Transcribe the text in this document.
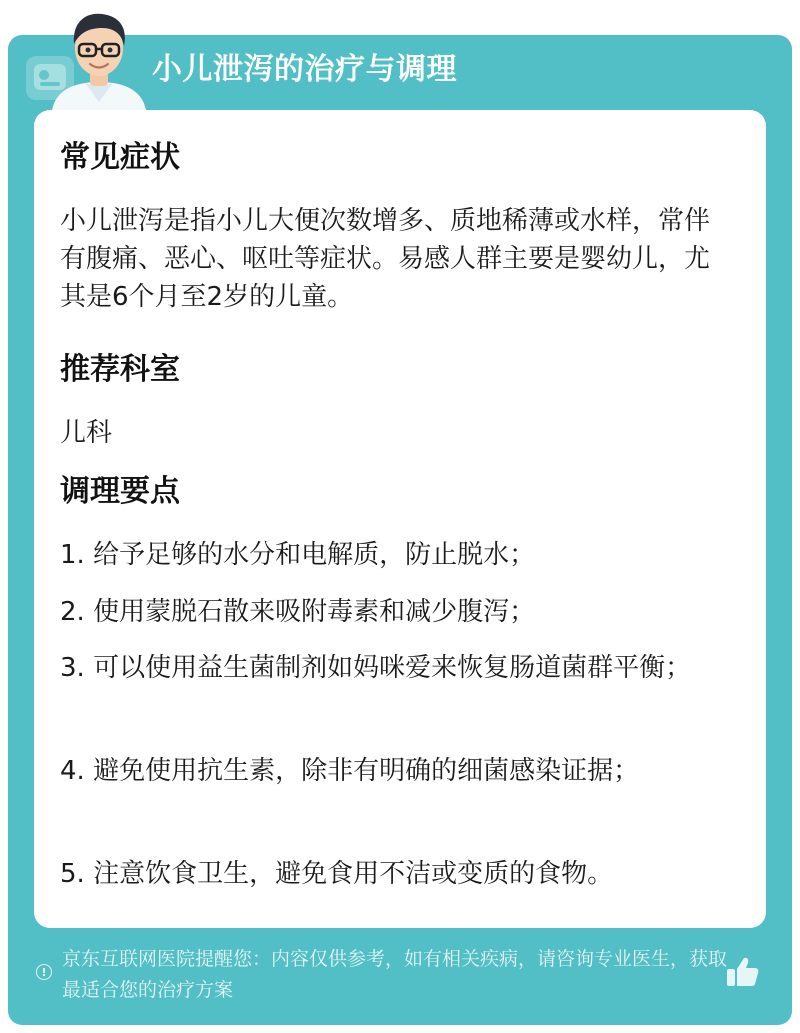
小儿泄泻的治疗与调理
常见症状
小儿泄泻是指小儿大便次数增多、质地稀薄或水样，常伴有腹痛、恶心、呕吐等症状。易感人群主要是婴幼儿，尤其是6个月至2岁的儿童。
推荐科室
儿科
调理要点
1. 给予足够的水分和电解质，防止脱水；
2. 使用蒙脱石散来吸附毒素和减少腹泻；
3. 可以使用益生菌制剂如妈咪爱来恢复肠道菌群平衡；
4. 避免使用抗生素，除非有明确的细菌感染证据；
5. 注意饮食卫生，避免食用不洁或变质的食物。
!
京东互联网医院提醒您：内容仅供参考，如有相关疾病，请咨询专业医生，获取最适合您的治疗方案
